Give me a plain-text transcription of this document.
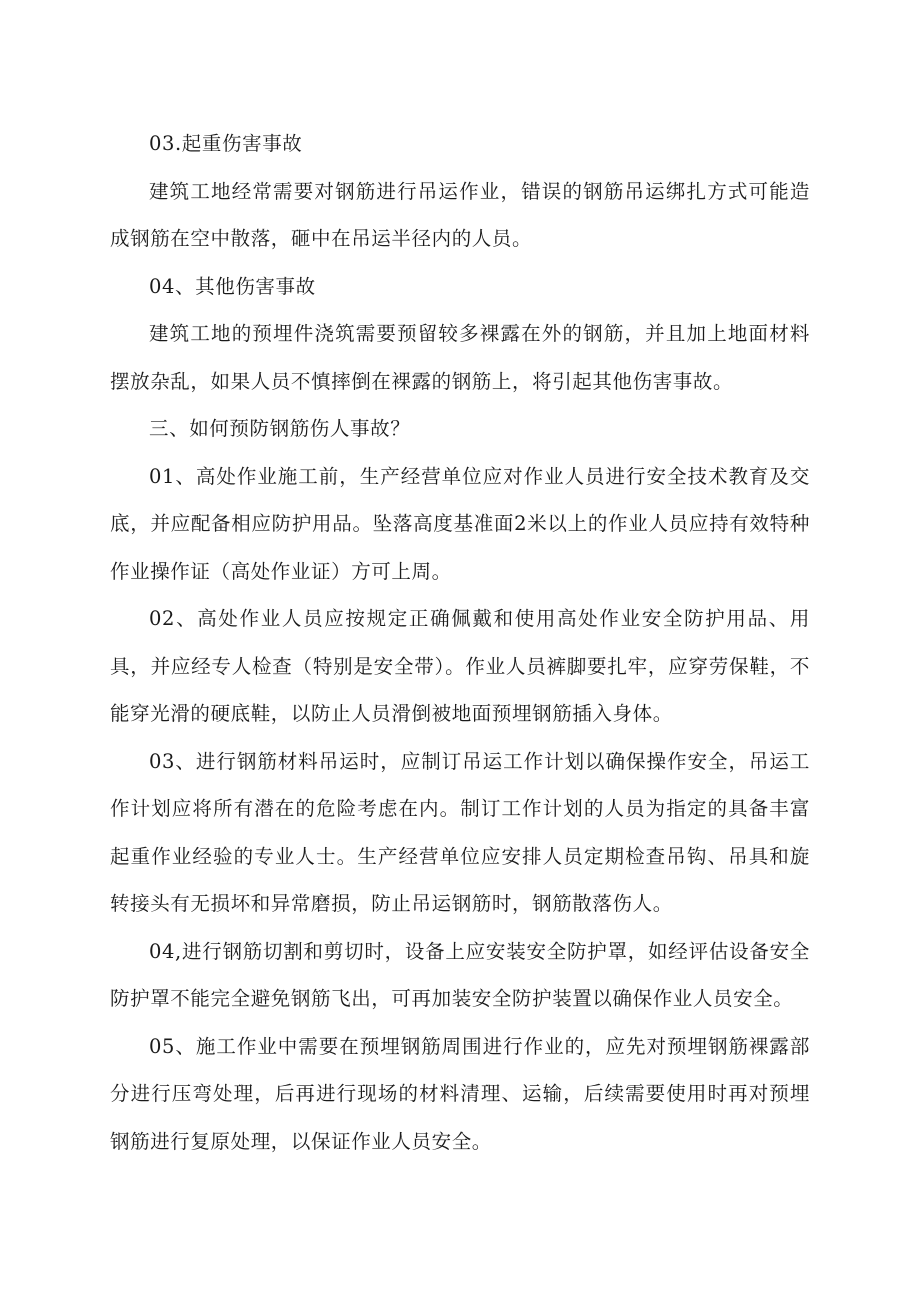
03.起重伤害事故

建筑工地经常需要对钢筋进行吊运作业，错误的钢筋吊运绑扎方式可能造成钢筋在空中散落，砸中在吊运半径内的人员。

04、其他伤害事故

建筑工地的预埋件浇筑需要预留较多裸露在外的钢筋，并且加上地面材料摆放杂乱，如果人员不慎摔倒在裸露的钢筋上，将引起其他伤害事故。

三、如何预防钢筋伤人事故？

01、高处作业施工前，生产经营单位应对作业人员进行安全技术教育及交底，并应配备相应防护用品。坠落高度基准面2米以上的作业人员应持有效特种作业操作证（高处作业证）方可上周。

02、高处作业人员应按规定正确佩戴和使用高处作业安全防护用品、用具，并应经专人检查（特别是安全带）。作业人员裤脚要扎牢，应穿劳保鞋，不能穿光滑的硬底鞋，以防止人员滑倒被地面预埋钢筋插入身体。

03、进行钢筋材料吊运时，应制订吊运工作计划以确保操作安全，吊运工作计划应将所有潜在的危险考虑在内。制订工作计划的人员为指定的具备丰富起重作业经验的专业人士。生产经营单位应安排人员定期检查吊钩、吊具和旋转接头有无损坏和异常磨损，防止吊运钢筋时，钢筋散落伤人。

04,进行钢筋切割和剪切时，设备上应安装安全防护罩，如经评估设备安全防护罩不能完全避免钢筋飞出，可再加装安全防护装置以确保作业人员安全。

05、施工作业中需要在预埋钢筋周围进行作业的，应先对预埋钢筋裸露部分进行压弯处理，后再进行现场的材料清理、运输，后续需要使用时再对预埋钢筋进行复原处理，以保证作业人员安全。
